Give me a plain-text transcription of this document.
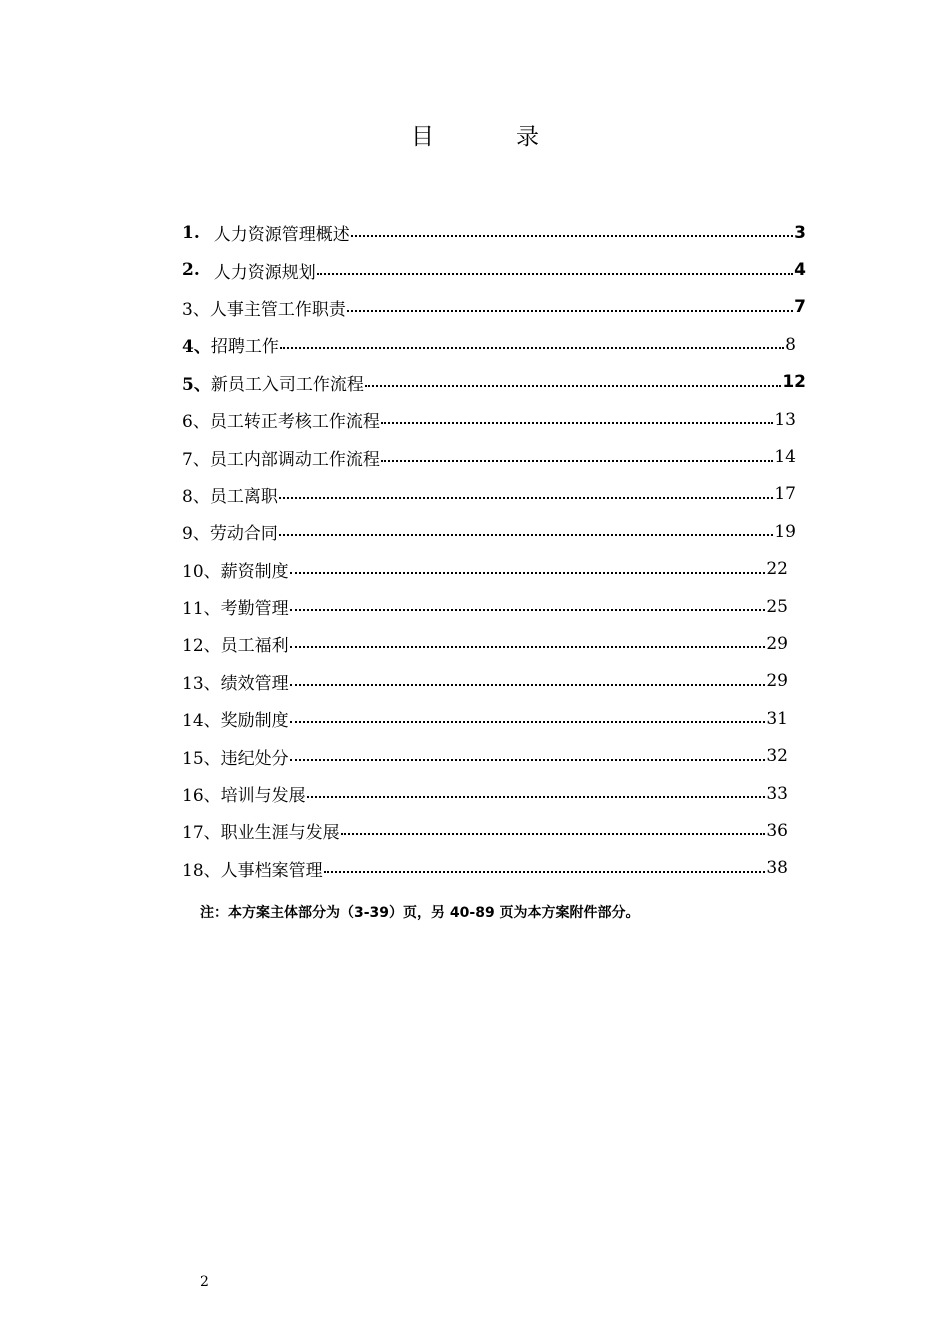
目	录
1. 人力资源管理概述	3
2. 人力资源规划	4
3、 人事主管工作职责	7
4、 招聘工作	8
5、 新员工入司工作流程	12
6、 员工转正考核工作流程	13
7、 员工内部调动工作流程	14
8、 员工离职	17
9、 劳动合同	19
10、 薪资制度	22
11、 考勤管理	25
12、 员工福利	29
13、 绩效管理	29
14、 奖励制度	31
15、 违纪处分	32
16、 培训与发展	33
17、 职业生涯与发展	36
18、 人事档案管理	38
注：本方案主体部分为（3-39）页，另 40-89 页为本方案附件部分。
2
